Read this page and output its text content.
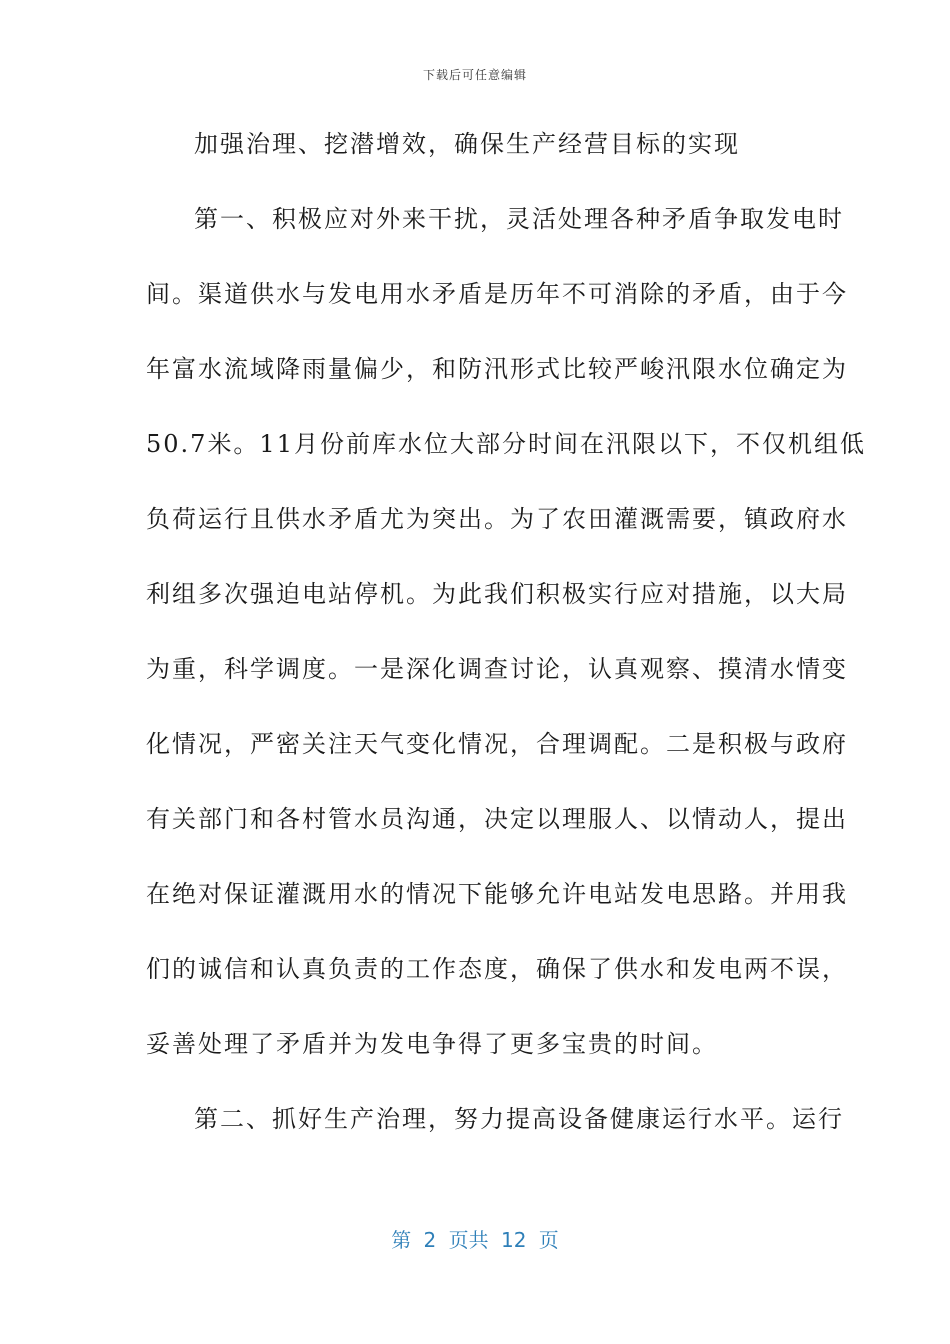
下载后可任意编辑
加强治理、挖潜增效，确保生产经营目标的实现
第一、积极应对外来干扰，灵活处理各种矛盾争取发电时
间。渠道供水与发电用水矛盾是历年不可消除的矛盾，由于今
年富水流域降雨量偏少，和防汛形式比较严峻汛限水位确定为
50.7米。11月份前库水位大部分时间在汛限以下，不仅机组低
负荷运行且供水矛盾尤为突出。为了农田灌溉需要，镇政府水
利组多次强迫电站停机。为此我们积极实行应对措施，以大局
为重，科学调度。一是深化调查讨论，认真观察、摸清水情变
化情况，严密关注天气变化情况，合理调配。二是积极与政府
有关部门和各村管水员沟通，决定以理服人、以情动人，提出
在绝对保证灌溉用水的情况下能够允许电站发电思路。并用我
们的诚信和认真负责的工作态度，确保了供水和发电两不误，
妥善处理了矛盾并为发电争得了更多宝贵的时间。
第二、抓好生产治理，努力提高设备健康运行水平。运行
第 2 页共 12 页
